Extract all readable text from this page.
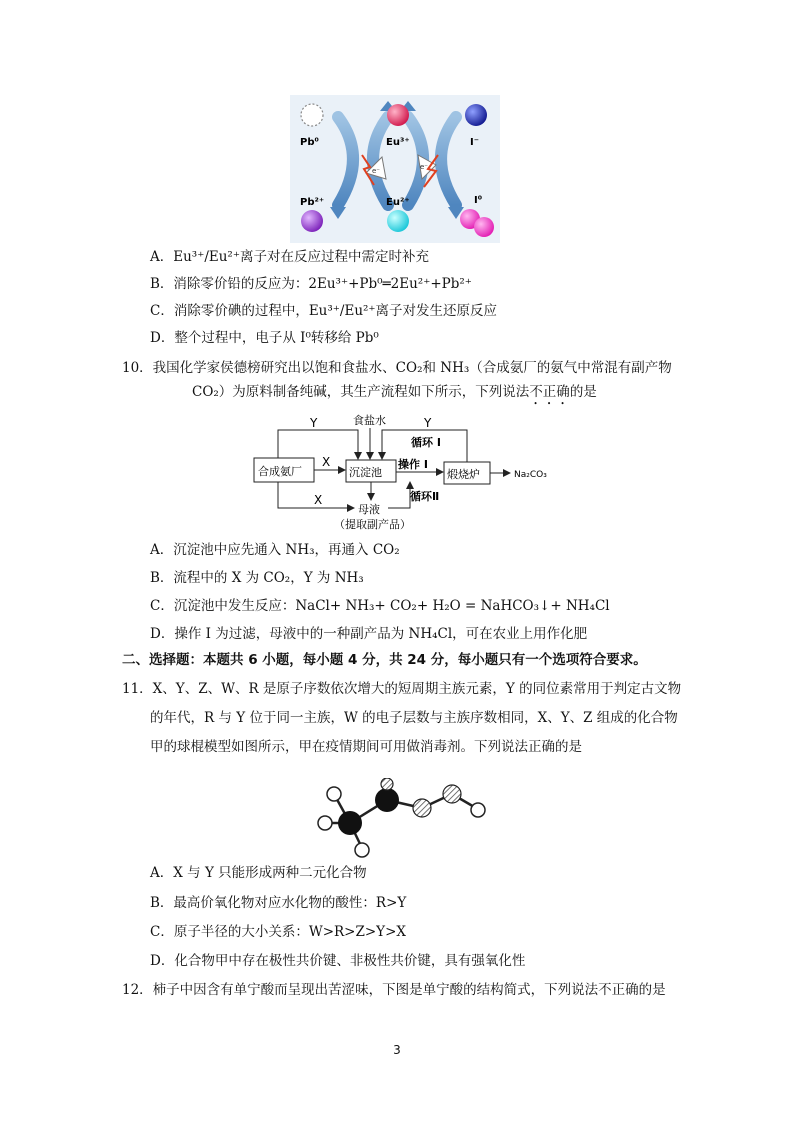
e⁻	e⁻
Pb⁰	Eu³⁺	I⁻
Pb²⁺	Eu²⁺	I⁰
A．Eu³⁺/Eu²⁺离子对在反应过程中需定时补充
B．消除零价铅的反应为：2Eu³⁺+Pb⁰═2Eu²⁺+Pb²⁺
C．消除零价碘的过程中，Eu³⁺/Eu²⁺离子对发生还原反应
D．整个过程中，电子从 I⁰转移给 Pb⁰
10．我国化学家侯德榜研究出以饱和食盐水、CO₂和 NH₃（合成氨厂的氨气中常混有副产物
CO₂）为原料制备纯碱，其生产流程如下所示，下列说法不正确的是
Y	食盐水	Y
循环 I
合成氨厂
X
沉淀池
操作 I
煅烧炉	Na₂CO₃
X	循环Ⅱ
母液
（提取副产品）
A．沉淀池中应先通入 NH₃，再通入 CO₂
B．流程中的 X 为 CO₂，Y 为 NH₃
C．沉淀池中发生反应：NaCl+ NH₃+ CO₂+ H₂O = NaHCO₃↓+ NH₄Cl
D．操作 I 为过滤，母液中的一种副产品为 NH₄Cl，可在农业上用作化肥
二、选择题：本题共 6 小题，每小题 4 分，共 24 分，每小题只有一个选项符合要求。
11．X、Y、Z、W、R 是原子序数依次增大的短周期主族元素，Y 的同位素常用于判定古文物
的年代，R 与 Y 位于同一主族，W 的电子层数与主族序数相同，X、Y、Z 组成的化合物
甲的球棍模型如图所示，甲在疫情期间可用做消毒剂。下列说法正确的是
A．X 与 Y 只能形成两种二元化合物
B．最高价氧化物对应水化物的酸性：R>Y
C．原子半径的大小关系：W>R>Z>Y>X
D．化合物甲中存在极性共价键、非极性共价键，具有强氧化性
12．柿子中因含有单宁酸而呈现出苦涩味，下图是单宁酸的结构简式，下列说法不正确的是
3
